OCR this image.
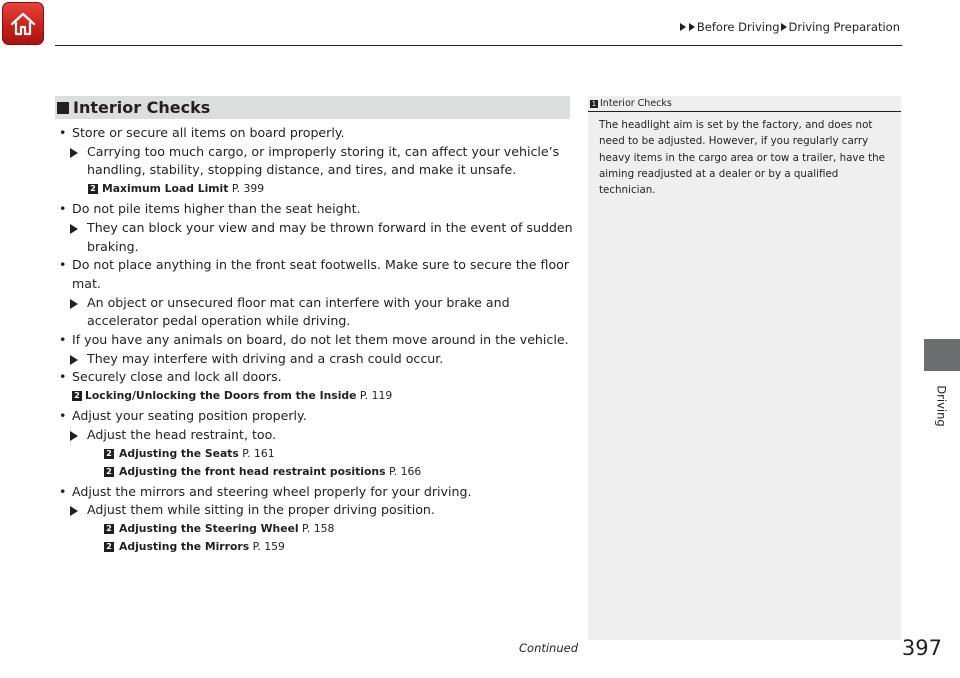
Before Driving Driving Preparation
Driving
Interior Checks
• Store or secure all items on board properly.
Carrying too much cargo, or improperly storing it, can affect your vehicle’s handling, stability, stopping distance, and tires, and make it unsafe.
2 Maximum Load Limit P. 399
• Do not pile items higher than the seat height.
They can block your view and may be thrown forward in the event of sudden braking.
• Do not place anything in the front seat footwells. Make sure to secure the floor mat.
An object or unsecured floor mat can interfere with your brake and accelerator pedal operation while driving.
• If you have any animals on board, do not let them move around in the vehicle.
They may interfere with driving and a crash could occur.
• Securely close and lock all doors.
2 Locking/Unlocking the Doors from the Inside P. 119
• Adjust your seating position properly.
Adjust the head restraint, too.
2 Adjusting the Seats P. 161
2 Adjusting the front head restraint positions P. 166
• Adjust the mirrors and steering wheel properly for your driving.
Adjust them while sitting in the proper driving position.
2 Adjusting the Steering Wheel P. 158
2 Adjusting the Mirrors P. 159
1 Interior Checks
The headlight aim is set by the factory, and does not need to be adjusted. However, if you regularly carry heavy items in the cargo area or tow a trailer, have the aiming readjusted at a dealer or by a qualified technician.
Continued	397
